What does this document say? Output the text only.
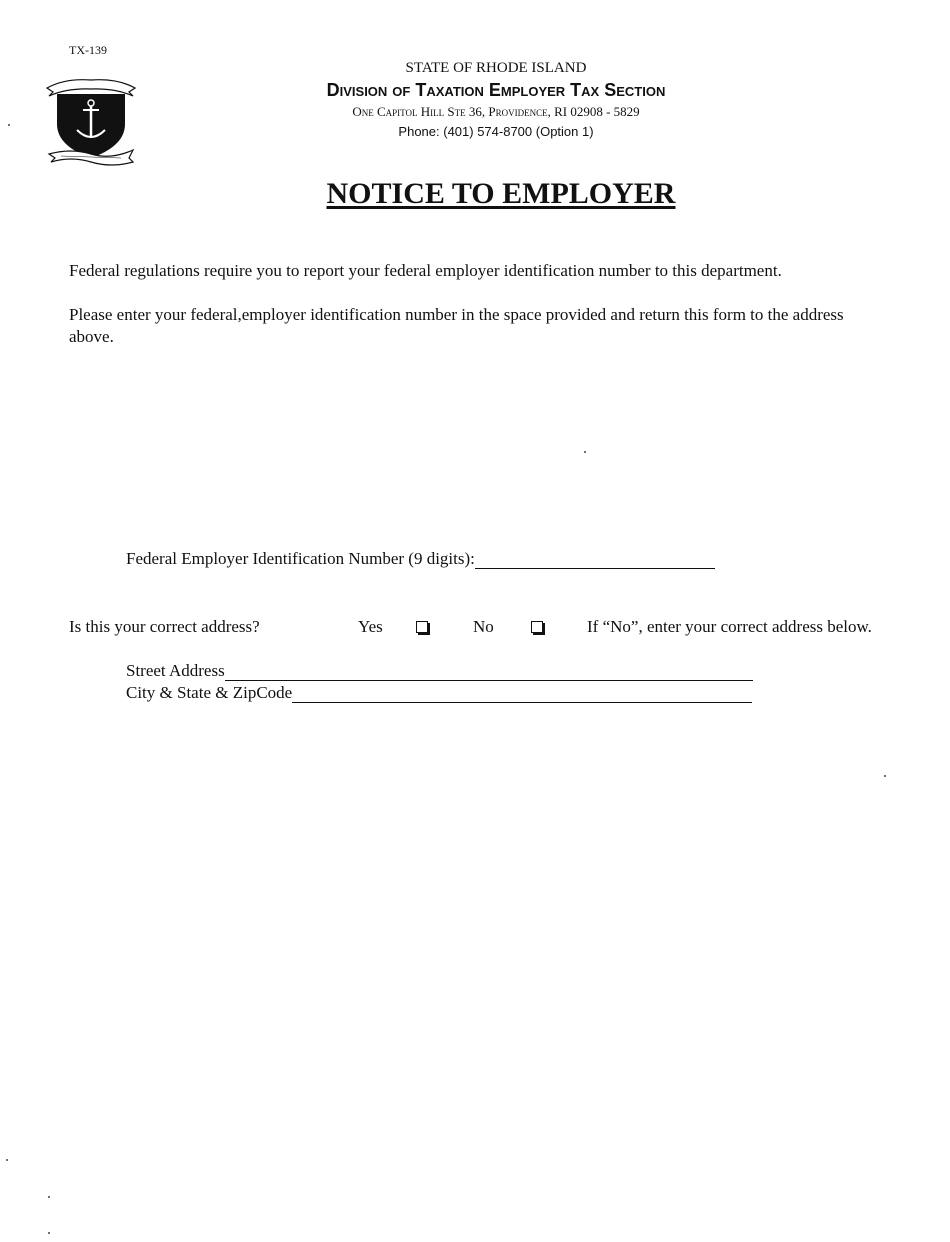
TX-139
STATE OF RHODE ISLAND
Division of Taxation Employer Tax Section
One Capitol Hill Ste 36, Providence, RI 02908 - 5829
Phone: (401) 574-8700 (Option 1)
NOTICE TO EMPLOYER
Federal regulations require you to report your federal employer identification number to this department.
Please enter your federal,employer identification number in the space provided and return this form to the address above.
Federal Employer Identification Number (9 digits):
Is this your correct address?	Yes	No	If “No”, enter your correct address below.
Street Address
City & State & ZipCode
